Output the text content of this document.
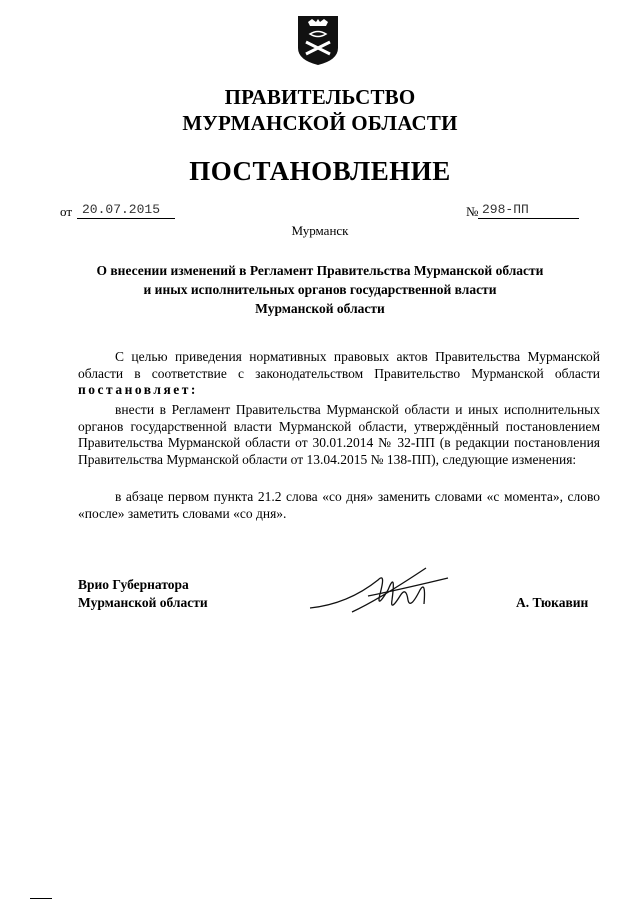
ПРАВИТЕЛЬСТВО
МУРМАНСКОЙ ОБЛАСТИ
ПОСТАНОВЛЕНИЕ
от 20.07.2015	№ 298-ПП
Мурманск
О внесении изменений в Регламент Правительства Мурманской области
и иных исполнительных органов государственной власти
Мурманской области
С целью приведения нормативных правовых актов Правительства Мурманской области в соответствие с законодательством Правительство Мурманской области постановляет:
внести в Регламент Правительства Мурманской области и иных исполнительных органов государственной власти Мурманской области, утверждённый постановлением Правительства Мурманской области от 30.01.2014 № 32-ПП (в редакции постановления Правительства Мурманской области от 13.04.2015 № 138-ПП), следующие изменения:
в абзаце первом пункта 21.2 слова «со дня» заменить словами «с момента», слово «после» заметить словами «со дня».
Врио Губернатора
Мурманской области	А. Тюкавин
